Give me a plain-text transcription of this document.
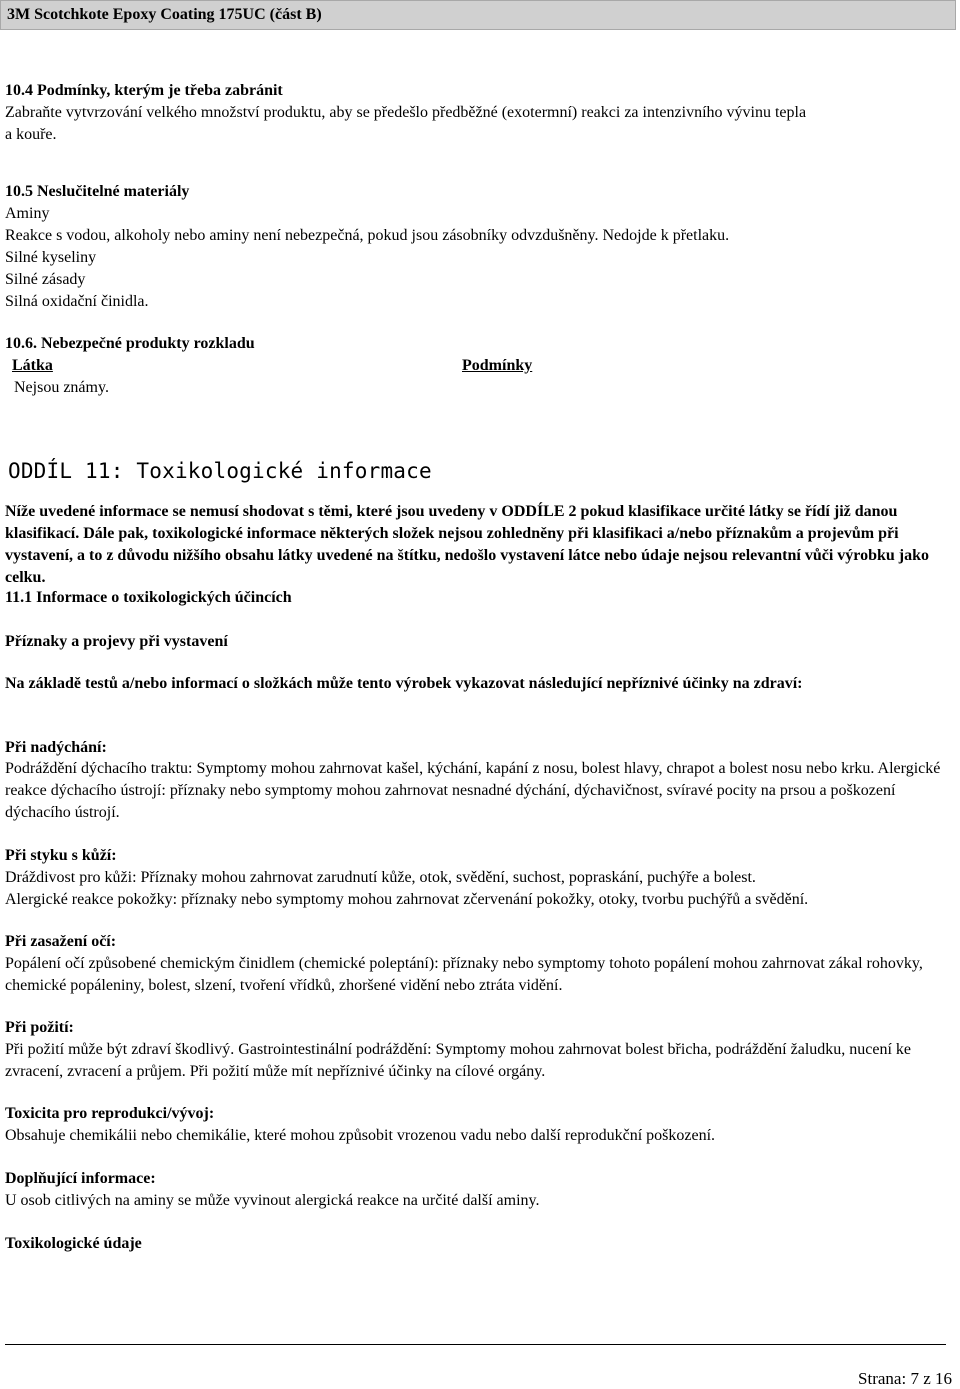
3M Scotchkote Epoxy Coating 175UC (část B)

10.4 Podmínky, kterým je třeba zabránit

Zabraňte vytvrzování velkého množství produktu, aby se předešlo předběžné (exotermní) reakci za intenzivního vývinu tepla

a kouře.

10.5 Neslučitelné materiály

Aminy

Reakce s vodou, alkoholy nebo aminy není nebezpečná, pokud jsou zásobníky odvzdušněny. Nedojde k přetlaku.

Silné kyseliny

Silné zásady

Silná oxidační činidla.

10.6. Nebezpečné produkty rozkladu

Látka	Podmínky
Nejsou známy.
ODDÍL 11: Toxikologické informace

Níže uvedené informace se nemusí shodovat s těmi, které jsou uvedeny v ODDÍLE 2 pokud klasifikace určité látky se řídí již danou klasifikací. Dále pak, toxikologické informace některých složek nejsou zohledněny při klasifikaci a/nebo příznakům a projevům při vystavení, a to z důvodu nižšího obsahu látky uvedené na štítku, nedošlo vystavení látce nebo údaje nejsou relevantní vůči výrobku jako celku.

11.1 Informace o toxikologických účincích

Příznaky a projevy při vystavení

Na základě testů a/nebo informací o složkách může tento výrobek vykazovat následující nepříznivé účinky na zdraví:

Při nadýchání:

Podráždění dýchacího traktu: Symptomy mohou zahrnovat kašel, kýchání, kapání z nosu, bolest hlavy, chrapot a bolest nosu nebo krku. Alergické reakce dýchacího ústrojí: příznaky nebo symptomy mohou zahrnovat nesnadné dýchání, dýchavičnost, svíravé pocity na prsou a poškození dýchacího ústrojí.

Při styku s kůží:

Dráždivost pro kůži: Příznaky mohou zahrnovat zarudnutí kůže, otok, svědění, suchost, popraskání, puchýře a bolest.

Alergické reakce pokožky: příznaky nebo symptomy mohou zahrnovat zčervenání pokožky, otoky, tvorbu puchýřů a svědění.

Při zasažení očí:

Popálení očí způsobené chemickým činidlem (chemické poleptání): příznaky nebo symptomy tohoto popálení mohou zahrnovat zákal rohovky, chemické popáleniny, bolest, slzení, tvoření vřídků, zhoršené vidění nebo ztráta vidění.

Při požití:

Při požití může být zdraví škodlivý. Gastrointestinální podráždění: Symptomy mohou zahrnovat bolest břicha, podráždění žaludku, nucení ke zvracení, zvracení a průjem. Při požití může mít nepříznivé účinky na cílové orgány.

Toxicita pro reprodukci/vývoj:

Obsahuje chemikálii nebo chemikálie, které mohou způsobit vrozenou vadu nebo další reprodukční poškození.

Doplňující informace:

U osob citlivých na aminy se může vyvinout alergická reakce na určité další aminy.

Toxikologické údaje

Strana: 7 z 16
